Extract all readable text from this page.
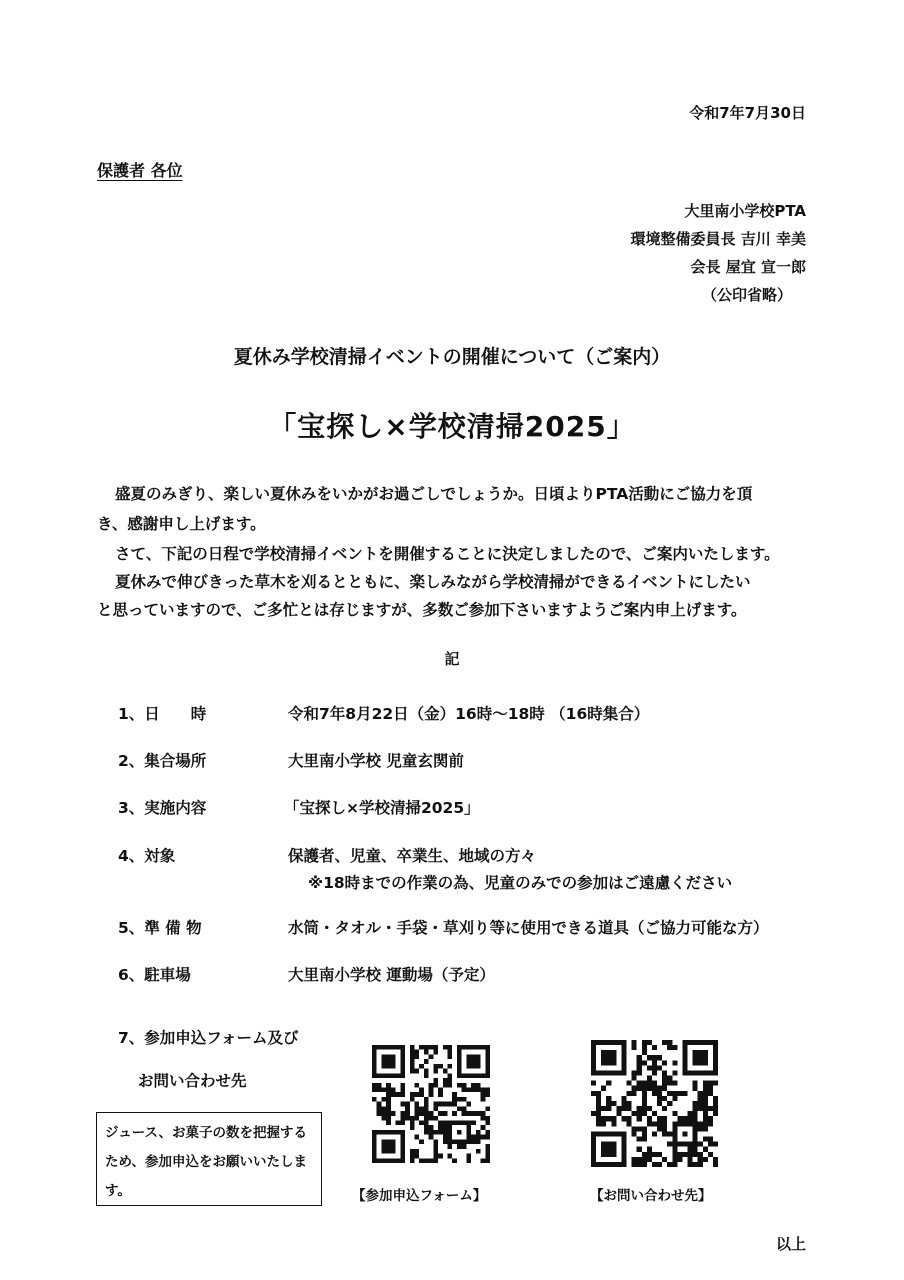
令和7年7月30日
保護者 各位
大里南小学校PTA
環境整備委員長 吉川 幸美
会長 屋宜 宣一郎
（公印省略）
夏休み学校清掃イベントの開催について（ご案内）
「宝探し×学校清掃2025」
盛夏のみぎり、楽しい夏休みをいかがお過ごしでしょうか。日頃よりPTA活動にご協力を頂
き、感謝申し上げます。
さて、下記の日程で学校清掃イベントを開催することに決定しましたので、ご案内いたします。
夏休みで伸びきった草木を刈るとともに、楽しみながら学校清掃ができるイベントにしたい
と思っていますので、ご多忙とは存じますが、多数ご参加下さいますようご案内申上げます。
記
1、日　　時	令和7年8月22日（金）16時〜18時 （16時集合）
2、集合場所	大里南小学校 児童玄関前
3、実施内容	「宝探し×学校清掃2025」
4、対象	保護者、児童、卒業生、地域の方々
※18時までの作業の為、児童のみでの参加はご遠慮ください
5、準 備 物	水筒・タオル・手袋・草刈り等に使用できる道具（ご協力可能な方）
6、駐車場	大里南小学校 運動場（予定）
7、参加申込フォーム及び
お問い合わせ先
ジュース、お菓子の数を把握するため、参加申込をお願いいたします。	【参加申込フォーム】	【お問い合わせ先】
以上
